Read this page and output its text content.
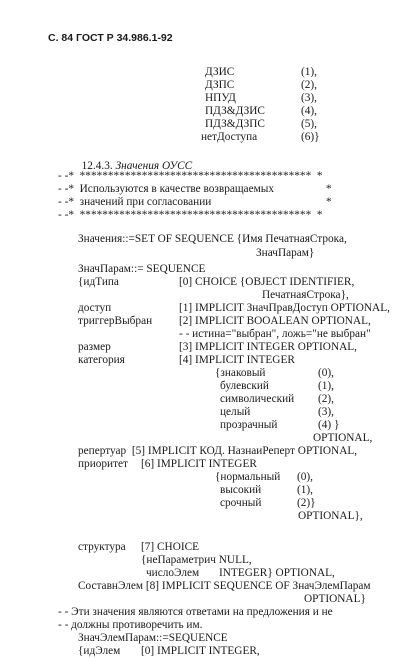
С. 84 ГОСТ Р 34.986.1-92
ДЗИС	(1),
ДЗПС	(2),
НПУД	(3),
ПДЗ&ДЗИС	(4),
ПДЗ&ДЗПС	(5),
нетДоступа	(6)}

12.4.3. Значения ОУСС

- -*  *****************************************  *
- -*  Используются в качестве возвращаемых	*
- -*  значений при согласовании	*
- -*  *****************************************  *
Значения::=SET OF SEQUENCE {Имя ПечатнаяСтрока,
ЗначПарам}
ЗначПарам::= SEQUENCE
{идТипа	[0] CHOICE {OBJECT IDENTIFIER,
ПечатнаяСтрока},
доступ	[1] IMPLICIT ЗначПравДоступ OPTIONAL,
триггерВыбран [2] IMPLICIT BOOALEAN OPTIONAL,
- - истина="выбран", ложь="не выбран"
размер	[3] IMPLICIT INTEGER OPTIONAL,
категория	[4] IMPLICIT INTEGER
{знаковый	(0),
булевский	(1),
символический (2),
целый	(3),
прозрачный	(4) }
OPTIONAL,
репертуар  [5] IMPLICIT КОД. НазнаиРеперт OPTIONAL,
приоритет [6] IMPLICIT INTEGER
{нормальный (0),
высокий	(1),
срочный	(2)}
OPTIONAL},
структура [7] CHOICE
{неПараметрич NULL,
числоЭлем INTEGER} OPTIONAL,
СоставнЭлем [8] IMPLICIT SEQUENCE OF ЗначЭлемПарам
OPTIONAL}
- - Эти значения являются ответами на предложения и не
- - должны противоречить им.
ЗначЭлемПарам::=SEQUENCE
{идЭлем [0] IMPLICIT INTEGER,
